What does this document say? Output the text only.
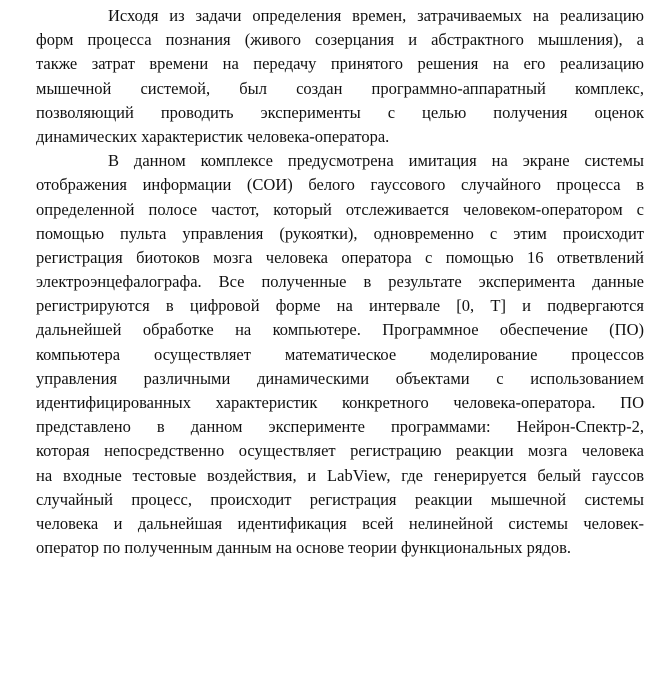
Исходя из задачи определения времен, затрачиваемых на реализацию
форм процесса познания (живого созерцания и абстрактного мышления), а
также затрат времени на передачу принятого решения на его реализацию
мышечной системой, был создан программно-аппаратный комплекс,
позволяющий проводить эксперименты с целью получения оценок
динамических характеристик человека-оператора.
В данном комплексе предусмотрена имитация на экране системы
отображения информации (СОИ) белого гауссового случайного процесса в
определенной полосе частот, который отслеживается человеком-оператором с
помощью пульта управления (рукоятки), одновременно с этим происходит
регистрация биотоков мозга человека оператора с помощью 16 ответвлений
электроэнцефалографа. Все полученные в результате эксперимента данные
регистрируются в цифровой форме на интервале [0, T] и подвергаются
дальнейшей обработке на компьютере. Программное обеспечение (ПО)
компьютера осуществляет математическое моделирование процессов
управления различными динамическими объектами с использованием
идентифицированных характеристик конкретного человека-оператора. ПО
представлено в данном эксперименте программами: Нейрон-Спектр-2,
которая непосредственно осуществляет регистрацию реакции мозга человека
на входные тестовые воздействия, и LabView, где генерируется белый гауссов
случайный процесс, происходит регистрация реакции мышечной системы
человека и дальнейшая идентификация всей нелинейной системы человек-
оператор по полученным данным на основе теории функциональных рядов.
